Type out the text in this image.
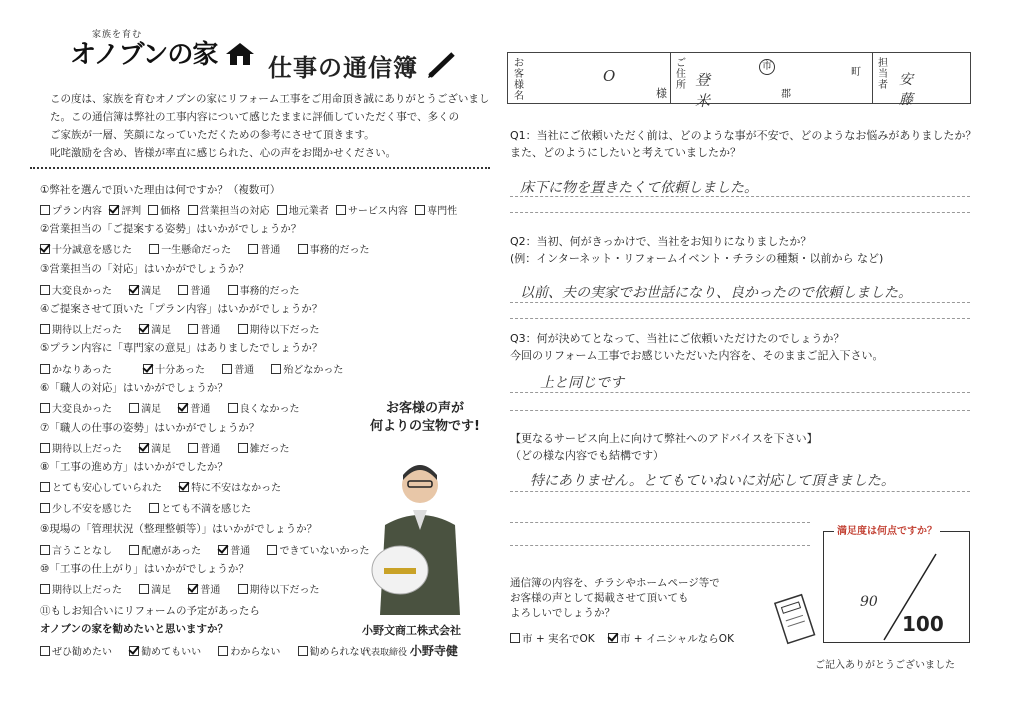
家族を育む
オノブンの家	仕事の通信簿
この度は、家族を育むオノブンの家にリフォーム工事をご用命頂き誠にありがとうございまし
た。この通信簿は弊社の工事内容について感じたままに評価していただく事で、多くの
ご家族が一層、笑顔になっていただくための参考にさせて頂きます。
叱咤激励を含め、皆様が率直に感じられた、心の声をお聞かせください。
①弊社を選んで頂いた理由は何ですか？（複数可）
プラン内容 評判 価格 営業担当の対応 地元業者 サービス内容 専門性
②営業担当の「ご提案する姿勢」はいかがでしょうか？
十分誠意を感じた	一生懸命だった	普通	事務的だった
③営業担当の「対応」はいかがでしょうか？
大変良かった	満足	普通	事務的だった
④ご提案させて頂いた「プラン内容」はいかがでしょうか？
期待以上だった	満足	普通	期待以下だった
⑤プラン内容に「専門家の意見」はありましたでしょうか？
かなりあった	十分あった	普通	殆どなかった
⑥「職人の対応」はいかがでしょうか？
大変良かった	満足	普通	良くなかった
⑦「職人の仕事の姿勢」はいかがでしょうか？
期待以上だった	満足	普通	雑だった
⑧「工事の進め方」はいかがでしたか？
とても安心していられた	特に不安はなかった
少し不安を感じた	とても不満を感じた
⑨現場の「管理状況（整理整頓等）」はいかがでしょうか？
言うことなし	配慮があった	普通	できていないかった
⑩「工事の仕上がり」はいかがでしょうか？
期待以上だった	満足	普通	期待以下だった
⑪もしお知合いにリフォームの予定があったら
オノブンの家を勧めたいと思いますか？
ぜひ勧めたい	勧めてもいい	わからない	勧められない
お客様の声が
何よりの宝物です!
小野文商工株式会社
代表取締役 小野寺健
お客様名
O
様
ご住所 登米
市
郡
町
担当者 安藤
Q1：当社にご依頼いただく前は、どのような事が不安で、どのようなお悩みがありましたか？
また、どのようにしたいと考えていましたか？
床下に物を置きたくて依頼しました。
Q2：当初、何がきっかけで、当社をお知りになりましたか？
(例：インターネット・リフォームイベント・チラシの種類・以前から など)
以前、夫の実家でお世話になり、良かったので依頼しました。
Q3：何が決めてとなって、当社にご依頼いただけたのでしょうか？
今回のリフォーム工事でお感じいただいた内容を、そのままご記入下さい。
上と同じです
【更なるサービス向上に向けて弊社へのアドバイスを下さい】
（どの様な内容でも結構です）
特にありません。とてもていねいに対応して頂きました。
通信簿の内容を、チラシやホームページ等で
お客様の声として掲載させて頂いても
よろしいでしょうか？
市 + 実名でOK 市 + イニシャルならOK
満足度は何点ですか？
90
100
ご記入ありがとうございました
